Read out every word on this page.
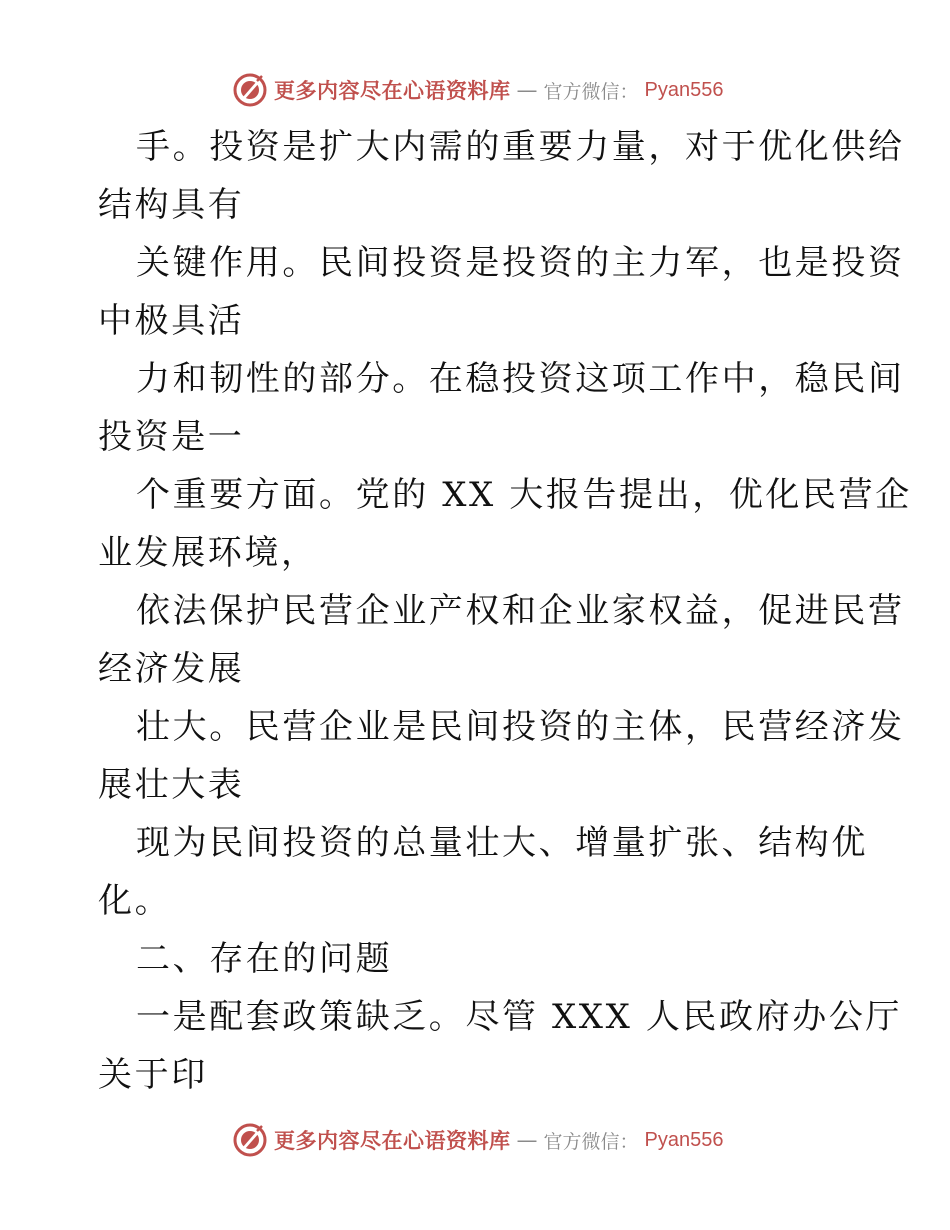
更多内容尽在心语资料库 — 官方微信： Pyan556
手。投资是扩大内需的重要力量，对于优化供给
结构具有
关键作用。民间投资是投资的主力军，也是投资
中极具活
力和韧性的部分。在稳投资这项工作中，稳民间
投资是一
个重要方面。党的 XX 大报告提出，优化民营企
业发展环境，
依法保护民营企业产权和企业家权益，促进民营
经济发展
壮大。民营企业是民间投资的主体，民营经济发
展壮大表
现为民间投资的总量壮大、增量扩张、结构优
化。
二、存在的问题
一是配套政策缺乏。尽管 XXX 人民政府办公厅
关于印
更多内容尽在心语资料库 — 官方微信： Pyan556
